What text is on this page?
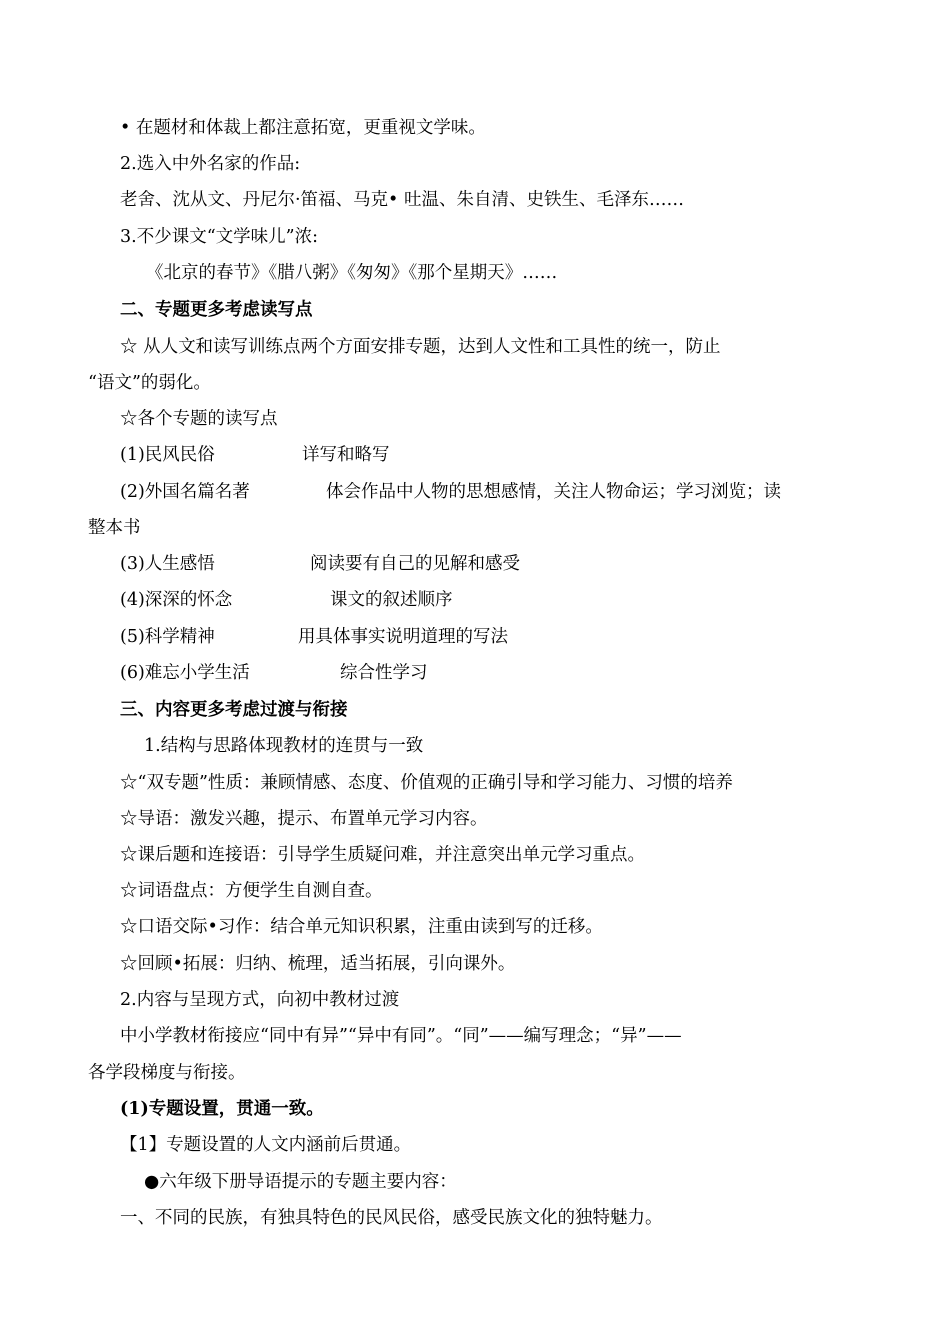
• 在题材和体裁上都注意拓宽，更重视文学味。
2.选入中外名家的作品:
老舍、沈从文、丹尼尔·笛福、马克• 吐温、朱自清、史铁生、毛泽东……
3.不少课文“文学味儿”浓:
《北京的春节》《腊八粥》《匆匆》《那个星期天》……
二、专题更多考虑读写点
☆ 从人文和读写训练点两个方面安排专题，达到人文性和工具性的统一，防止
“语文”的弱化。
☆各个专题的读写点
(1)民风民俗	详写和略写
(2)外国名篇名著	体会作品中人物的思想感情，关注人物命运；学习浏览；读
整本书
(3)人生感悟	阅读要有自己的见解和感受
(4)深深的怀念	课文的叙述顺序
(5)科学精神	用具体事实说明道理的写法
(6)难忘小学生活	综合性学习
三、内容更多考虑过渡与衔接
1.结构与思路体现教材的连贯与一致
☆“双专题”性质：兼顾情感、态度、价值观的正确引导和学习能力、习惯的培养
☆导语：激发兴趣，提示、布置单元学习内容。
☆课后题和连接语：引导学生质疑问难，并注意突出单元学习重点。
☆词语盘点：方便学生自测自查。
☆口语交际•习作：结合单元知识积累，注重由读到写的迁移。
☆回顾•拓展：归纳、梳理，适当拓展，引向课外。
2.内容与呈现方式，向初中教材过渡
中小学教材衔接应“同中有异”“异中有同”。“同”——编写理念；“异”——
各学段梯度与衔接。
(1)专题设置，贯通一致。
【1】专题设置的人文内涵前后贯通。
●六年级下册导语提示的专题主要内容：
一、不同的民族，有独具特色的民风民俗，感受民族文化的独特魅力。
